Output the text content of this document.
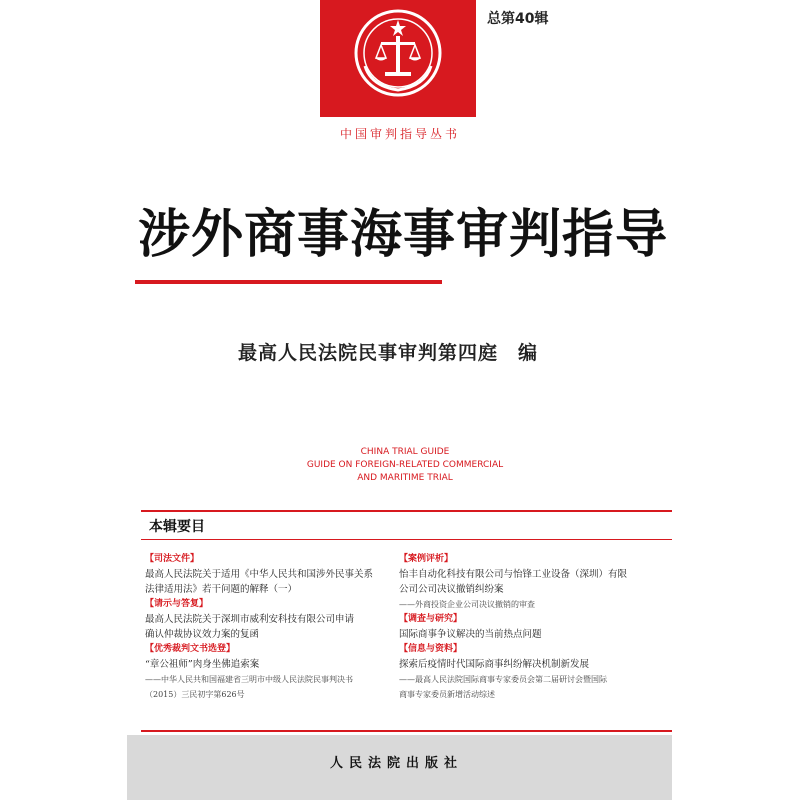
中国审判指导丛书
总第40辑
涉外商事海事审判指导
最高人民法院民事审判第四庭　编
CHINA TRIAL GUIDE
GUIDE ON FOREIGN-RELATED COMMERCIAL
AND MARITIME TRIAL
本辑要目
【司法文件】
最高人民法院关于适用《中华人民共和国涉外民事关系
法律适用法》若干问题的解释（一）
【请示与答复】
最高人民法院关于深圳市威利安科技有限公司申请
确认仲裁协议效力案的复函
【优秀裁判文书选登】
“章公祖师”肉身坐佛追索案
——中华人民共和国福建省三明市中级人民法院民事判决书
（2015）三民初字第626号
【案例评析】
怡丰自动化科技有限公司与怡锋工业设备（深圳）有限
公司公司决议撤销纠纷案
——外商投资企业公司决议撤销的审查
【调查与研究】
国际商事争议解决的当前热点问题
【信息与资料】
探索后疫情时代国际商事纠纷解决机制新发展
——最高人民法院国际商事专家委员会第二届研讨会暨国际
商事专家委员新增活动综述
人民法院出版社
